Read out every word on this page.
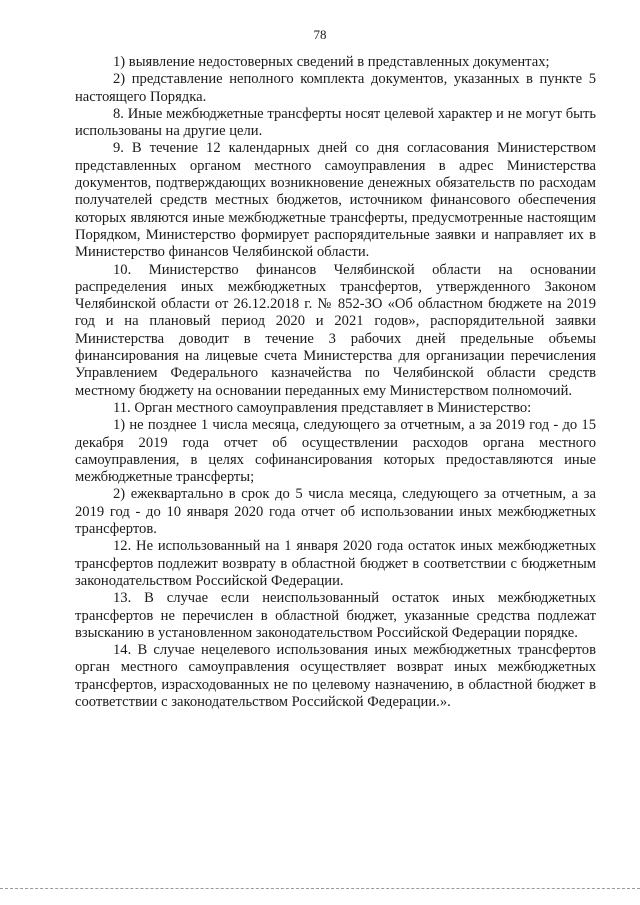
78

1) выявление недостоверных сведений в представленных документах;

2) представление неполного комплекта документов, указанных в пункте 5 настоящего Порядка.

8. Иные межбюджетные трансферты носят целевой характер и не могут быть использованы на другие цели.

9. В течение 12 календарных дней со дня согласования Министерством представленных органом местного самоуправления в адрес Министерства документов, подтверждающих возникновение денежных обязательств по расходам получателей средств местных бюджетов, источником финансового обеспечения которых являются иные межбюджетные трансферты, предусмотренные настоящим Порядком, Министерство формирует распорядительные заявки и направляет их в Министерство финансов Челябинской области.

10. Министерство финансов Челябинской области на основании распределения иных межбюджетных трансфертов, утвержденного Законом Челябинской области от 26.12.2018 г. № 852-ЗО «Об областном бюджете на 2019 год и на плановый период 2020 и 2021 годов», распорядительной заявки Министерства доводит в течение 3 рабочих дней предельные объемы финансирования на лицевые счета Министерства для организации перечисления Управлением Федерального казначейства по Челябинской области средств местному бюджету на основании переданных ему Министерством полномочий.

11. Орган местного самоуправления представляет в Министерство:

1) не позднее 1 числа месяца, следующего за отчетным, а за 2019 год - до 15 декабря 2019 года отчет об осуществлении расходов органа местного самоуправления, в целях софинансирования которых предоставляются иные межбюджетные трансферты;

2) ежеквартально в срок до 5 числа месяца, следующего за отчетным, а за 2019 год - до 10 января 2020 года отчет об использовании иных межбюджетных трансфертов.

12. Не использованный на 1 января 2020 года остаток иных межбюджетных трансфертов подлежит возврату в областной бюджет в соответствии с бюджетным законодательством Российской Федерации.

13. В случае если неиспользованный остаток иных межбюджетных трансфертов не перечислен в областной бюджет, указанные средства подлежат взысканию в установленном законодательством Российской Федерации порядке.

14. В случае нецелевого использования иных межбюджетных трансфертов орган местного самоуправления осуществляет возврат иных межбюджетных трансфертов, израсходованных не по целевому назначению, в областной бюджет в соответствии с законодательством Российской Федерации.».
